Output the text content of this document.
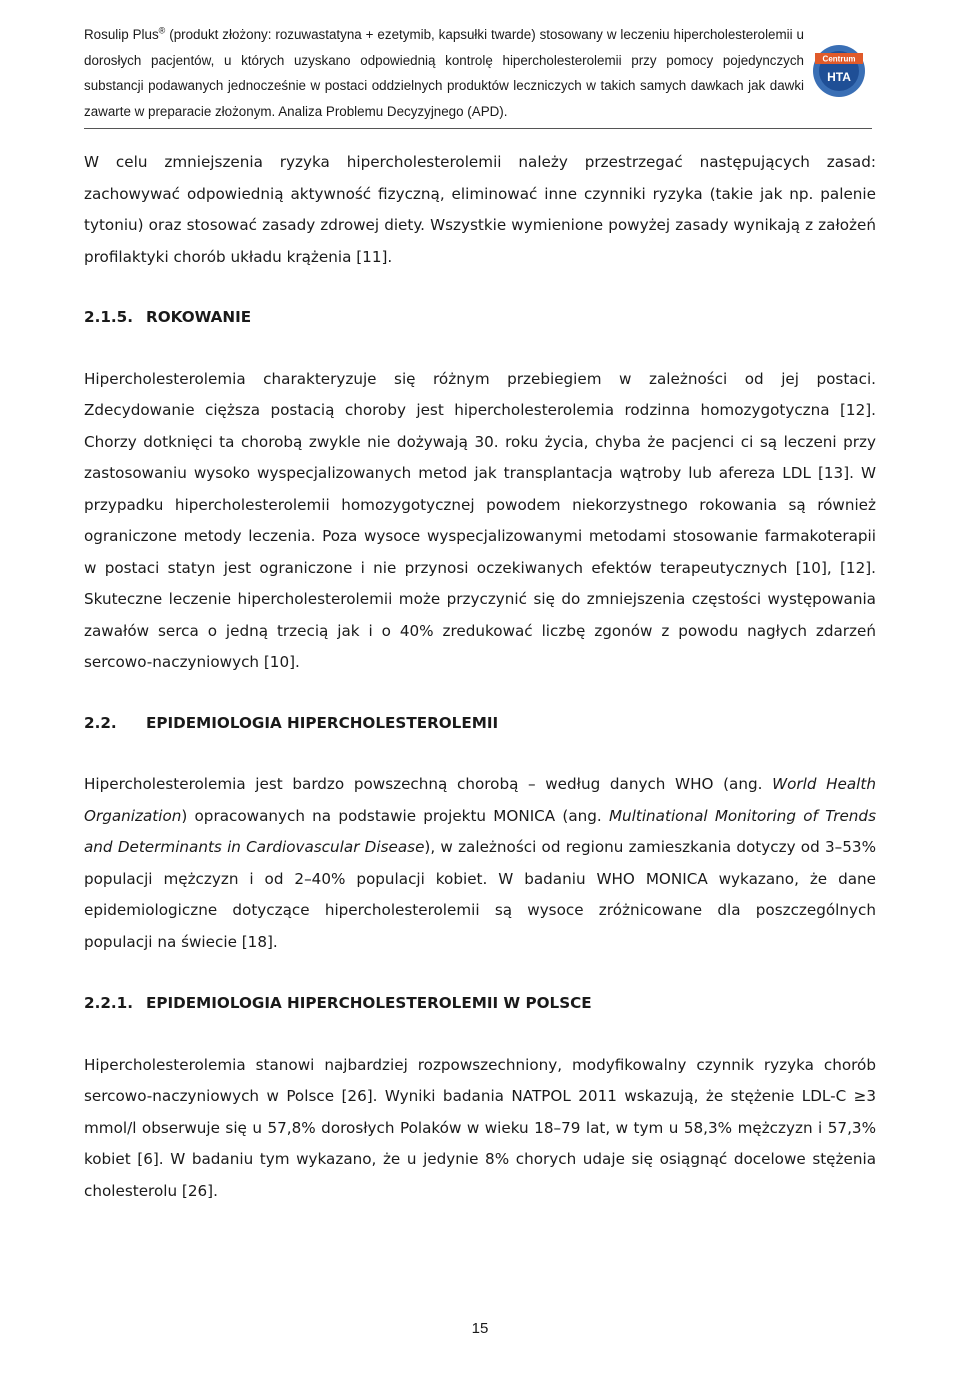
Rosulip Plus® (produkt złożony: rozuwastatyna + ezetymib, kapsułki twarde) stosowany w leczeniu hipercholesterolemii u dorosłych pacjentów, u których uzyskano odpowiednią kontrolę hipercholesterolemii przy pomocy pojedynczych substancji podawanych jednocześnie w postaci oddzielnych produktów leczniczych w takich samych dawkach jak dawki zawarte w preparacie złożonym. Analiza Problemu Decyzyjnego (APD).
Centrum
HTA

W celu zmniejszenia ryzyka hipercholesterolemii należy przestrzegać następujących zasad: zachowywać odpowiednią aktywność fizyczną, eliminować inne czynniki ryzyka (takie jak np. palenie tytoniu) oraz stosować zasady zdrowej diety. Wszystkie wymienione powyżej zasady wynikają z założeń profilaktyki chorób układu krążenia [11].

2.1.5. ROKOWANIE

Hipercholesterolemia charakteryzuje się różnym przebiegiem w zależności od jej postaci. Zdecydowanie cięższa postacią choroby jest hipercholesterolemia rodzinna homozygotyczna [12]. Chorzy dotknięci ta chorobą zwykle nie dożywają 30. roku życia, chyba że pacjenci ci są leczeni przy zastosowaniu wysoko wyspecjalizowanych metod jak transplantacja wątroby lub afereza LDL [13]. W przypadku hipercholesterolemii homozygotycznej powodem niekorzystnego rokowania są również ograniczone metody leczenia. Poza wysoce wyspecjalizowanymi metodami stosowanie farmakoterapii w postaci statyn jest ograniczone i nie przynosi oczekiwanych efektów terapeutycznych [10], [12]. Skuteczne leczenie hipercholesterolemii może przyczynić się do zmniejszenia częstości występowania zawałów serca o jedną trzecią jak i o 40% zredukować liczbę zgonów z powodu nagłych zdarzeń sercowo-naczyniowych [10].

2.2. EPIDEMIOLOGIA HIPERCHOLESTEROLEMII

Hipercholesterolemia jest bardzo powszechną chorobą – według danych WHO (ang. World Health Organization) opracowanych na podstawie projektu MONICA (ang. Multinational Monitoring of Trends and Determinants in Cardiovascular Disease), w zależności od regionu zamieszkania dotyczy od 3–53% populacji mężczyzn i od 2–40% populacji kobiet. W badaniu WHO MONICA wykazano, że dane epidemiologiczne dotyczące hipercholesterolemii są wysoce zróżnicowane dla poszczególnych populacji na świecie [18].

2.2.1. EPIDEMIOLOGIA HIPERCHOLESTEROLEMII W POLSCE

Hipercholesterolemia stanowi najbardziej rozpowszechniony, modyfikowalny czynnik ryzyka chorób sercowo-naczyniowych w Polsce [26]. Wyniki badania NATPOL 2011 wskazują, że stężenie LDL-C ≥3 mmol/l obserwuje się u 57,8% dorosłych Polaków w wieku 18–79 lat, w tym u 58,3% mężczyzn i 57,3% kobiet [6]. W badaniu tym wykazano, że u jedynie 8% chorych udaje się osiągnąć docelowe stężenia cholesterolu [26].

15
